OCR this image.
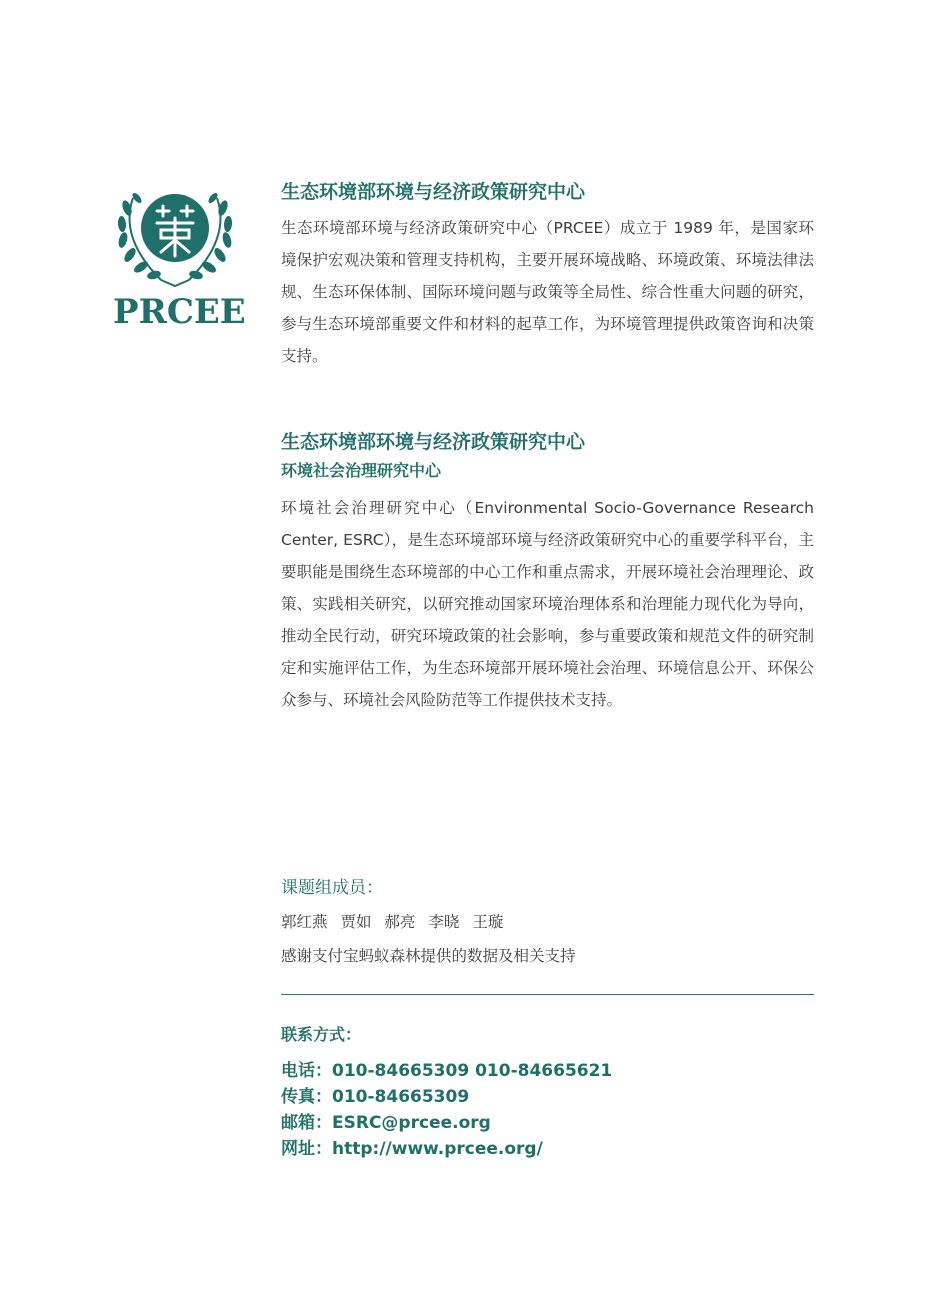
PRCEE
生态环境部环境与经济政策研究中心

生态环境部环境与经济政策研究中心（PRCEE）成立于 1989 年，是国家环境保护宏观决策和管理支持机构，主要开展环境战略、环境政策、环境法律法规、生态环保体制、国际环境问题与政策等全局性、综合性重大问题的研究，参与生态环境部重要文件和材料的起草工作，为环境管理提供政策咨询和决策支持。

生态环境部环境与经济政策研究中心
环境社会治理研究中心

环境社会治理研究中心（Environmental Socio-Governance Research Center, ESRC），是生态环境部环境与经济政策研究中心的重要学科平台，主要职能是围绕生态环境部的中心工作和重点需求，开展环境社会治理理论、政策、实践相关研究，以研究推动国家环境治理体系和治理能力现代化为导向，推动全民行动，研究环境政策的社会影响，参与重要政策和规范文件的研究制定和实施评估工作，为生态环境部开展环境社会治理、环境信息公开、环保公众参与、环境社会风险防范等工作提供技术支持。

课题组成员：
郭红燕 贾如 郝亮 李晓 王璇
感谢支付宝蚂蚁森林提供的数据及相关支持
联系方式：
电话：010-84665309 010-84665621
传真：010-84665309
邮箱：ESRC@prcee.org
网址：http://www.prcee.org/
